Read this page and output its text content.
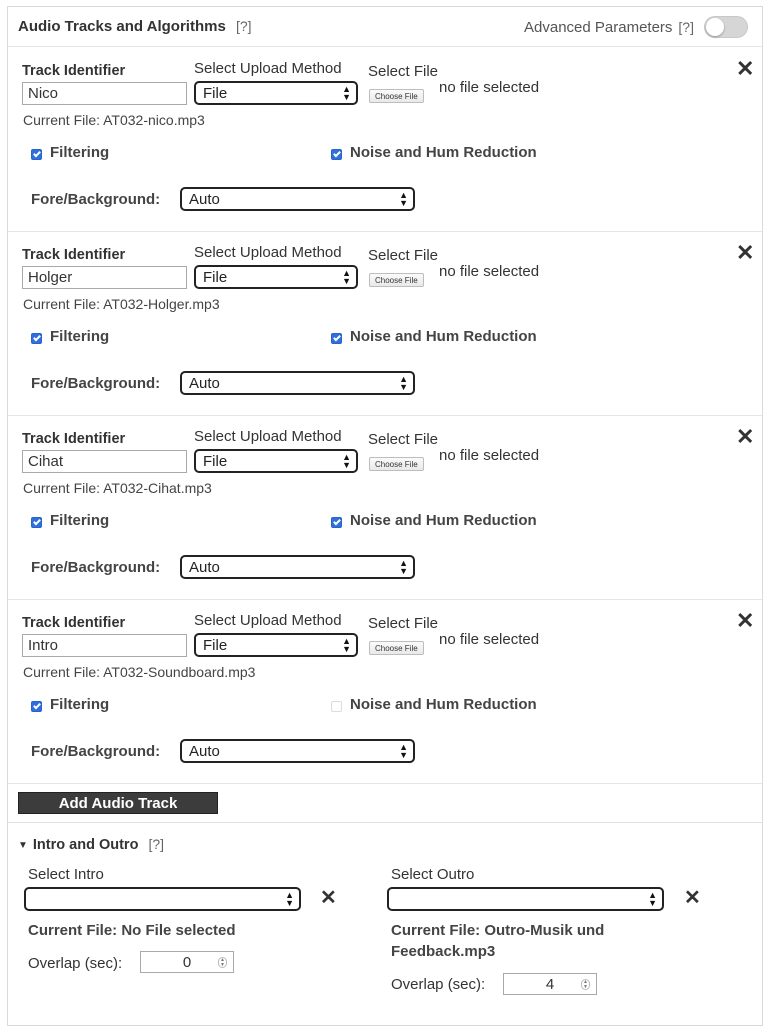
Audio Tracks and Algorithms [?]	Advanced Parameters [?]
Track Identifier
Nico	Select Upload Method
File	▲
▼
Select File
Choose File	no file selected
✕
Current File: AT032-nico.mp3
Filtering	Noise and Hum Reduction
Fore/Background: Auto	▲
▼
Track Identifier
Holger	Select Upload Method
File	▲
▼
Select File
Choose File	no file selected
✕
Current File: AT032-Holger.mp3
Filtering	Noise and Hum Reduction
Fore/Background: Auto	▲
▼
Track Identifier
Cihat	Select Upload Method
File	▲
▼
Select File
Choose File	no file selected
✕
Current File: AT032-Cihat.mp3
Filtering	Noise and Hum Reduction
Fore/Background: Auto	▲
▼
Track Identifier
Intro	Select Upload Method
File	▲
▼
Select File
Choose File	no file selected
✕
Current File: AT032-Soundboard.mp3
Filtering	Noise and Hum Reduction
Fore/Background: Auto	▲
▼
Add Audio Track
▼ Intro and Outro [?]
Select Intro
▲
▼ ✕
Current File: No File selected
Overlap (sec):	0	▲
▼
Select Outro
▲
▼ ✕
Current File: Outro-Musik und
Feedback.mp3
Overlap (sec):	4	▲
▼
